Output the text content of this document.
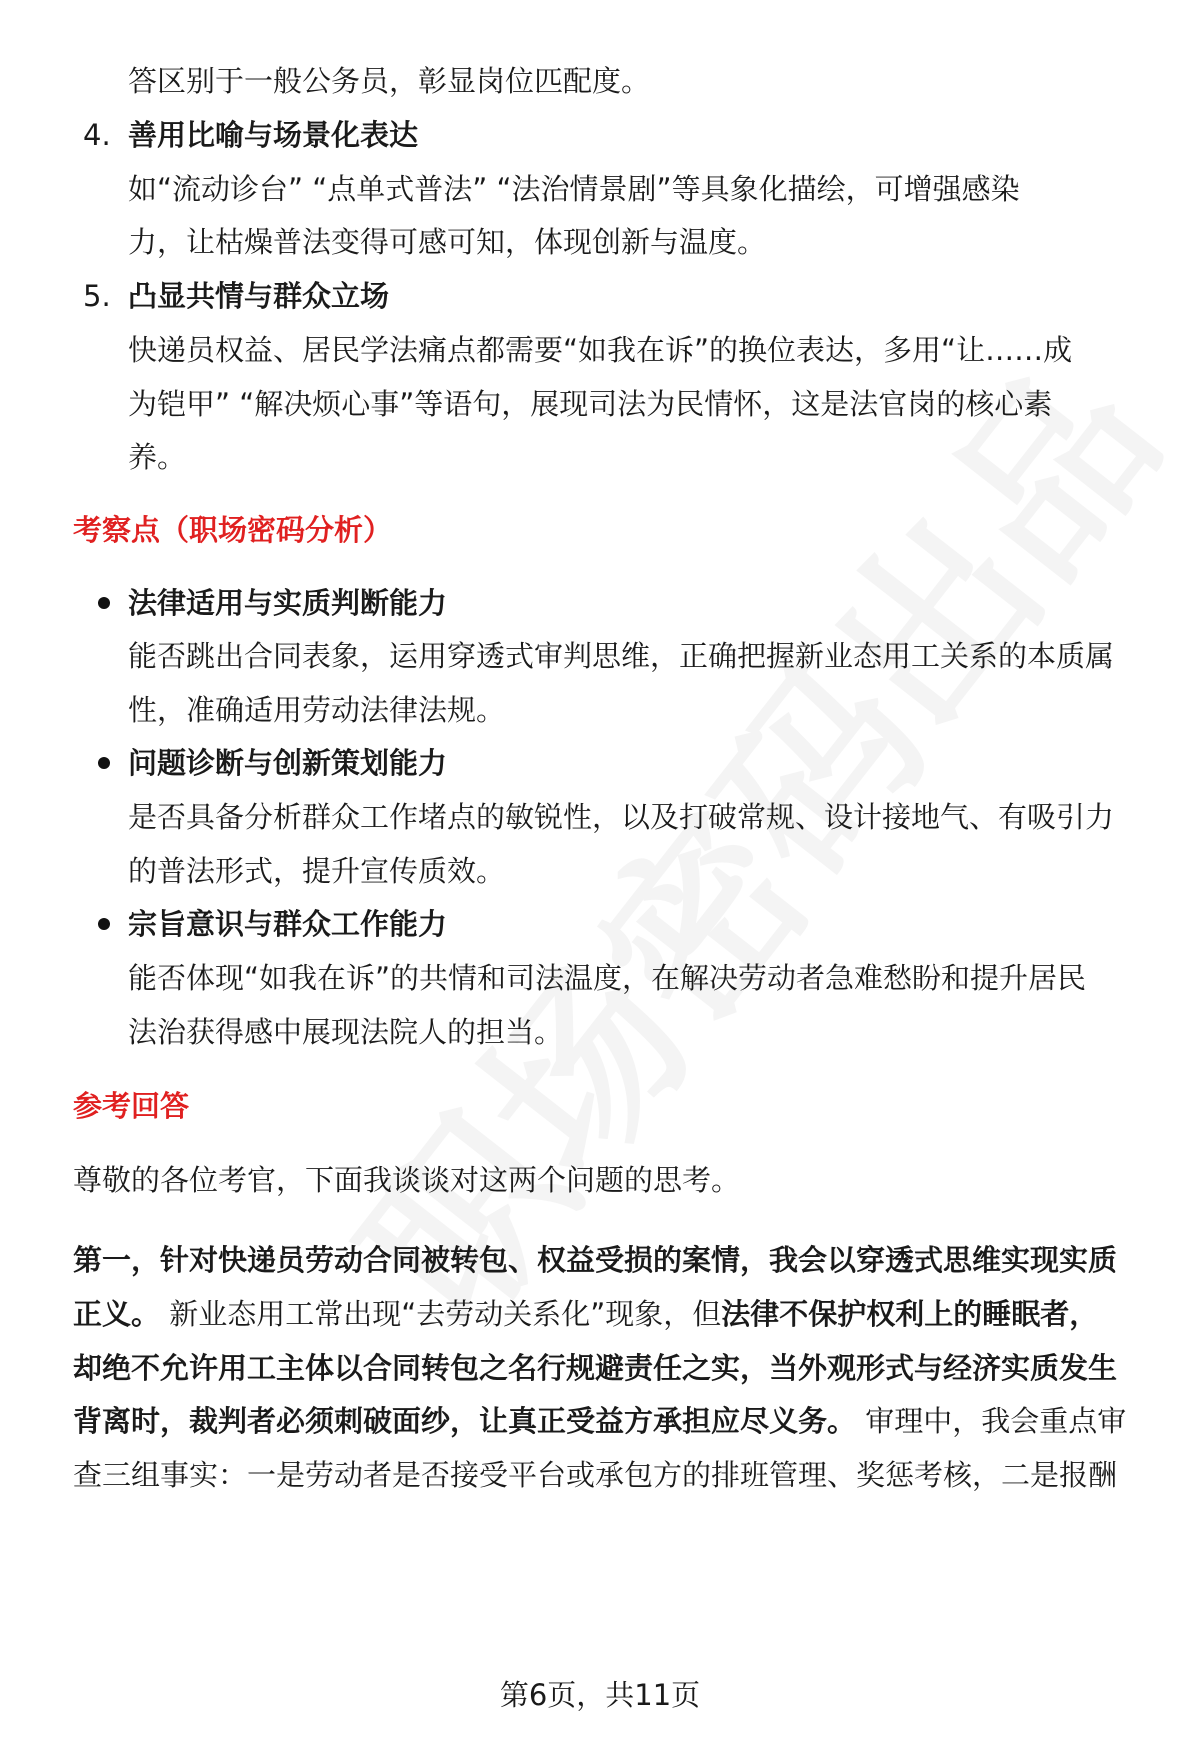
答区别于一般公务员，彰显岗位匹配度。
4. 善用比喻与场景化表达
如“流动诊台” “点单式普法” “法治情景剧”等具象化描绘，可增强感染
力，让枯燥普法变得可感可知，体现创新与温度。
5. 凸显共情与群众立场
快递员权益、居民学法痛点都需要“如我在诉”的换位表达，多用“让……成
为铠甲” “解决烦心事”等语句，展现司法为民情怀，这是法官岗的核心素
养。
考察点（职场密码分析）
法律适用与实质判断能力
能否跳出合同表象，运用穿透式审判思维，正确把握新业态用工关系的本质属
性，准确适用劳动法律法规。
问题诊断与创新策划能力
是否具备分析群众工作堵点的敏锐性，以及打破常规、设计接地气、有吸引力
的普法形式，提升宣传质效。
宗旨意识与群众工作能力
能否体现“如我在诉”的共情和司法温度，在解决劳动者急难愁盼和提升居民
法治获得感中展现法院人的担当。
参考回答
尊敬的各位考官，下面我谈谈对这两个问题的思考。
第一，针对快递员劳动合同被转包、权益受损的案情，我会以穿透式思维实现实质
正义。 新业态用工常出现“去劳动关系化”现象，但法律不保护权利上的睡眠者，
却绝不允许用工主体以合同转包之名行规避责任之实，当外观形式与经济实质发生
背离时，裁判者必须刺破面纱，让真正受益方承担应尽义务。 审理中，我会重点审
查三组事实：一是劳动者是否接受平台或承包方的排班管理、奖惩考核，二是报酬
第6页，共11页
